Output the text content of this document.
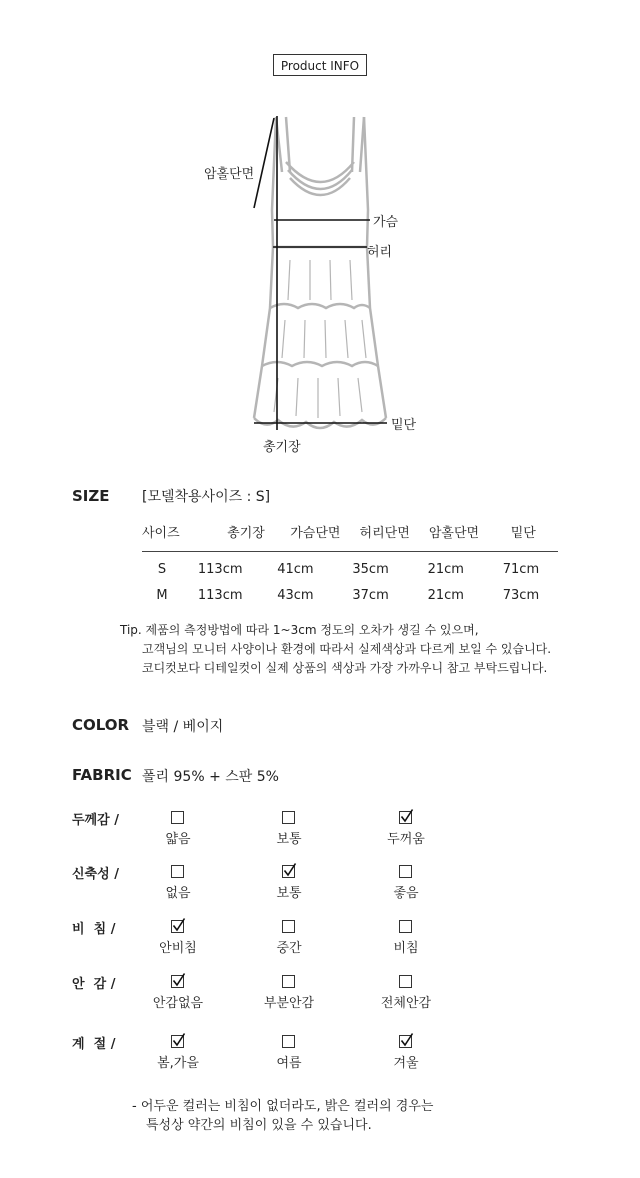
Product INFO
암홀단면
가슴
허리
밑단
총기장
SIZE [모델착용사이즈 : S]
사이즈	총기장	가슴단면	허리단면	암홀단면	밑단
S	113cm	41cm	35cm	21cm	71cm
M	113cm	43cm	37cm	21cm	73cm
Tip. 제품의 측정방법에 따라 1~3cm 정도의 오차가 생길 수 있으며,
고객님의 모니터 사양이나 환경에 따라서 실제색상과 다르게 보일 수 있습니다.
코디컷보다 디테일컷이 실제 상품의 색상과 가장 가까우니 참고 부탁드립니다.
COLOR 블랙 / 베이지
FABRIC 폴리 95% + 스판 5%
두께감 /
얇음	보통	두꺼움
신축성 /
없음	보통	좋음
비  침 /
안비침	중간	비침
안  감 /
안감없음	부분안감	전체안감
계  절 /
봄,가을	여름	겨울
- 어두운 컬러는 비침이 없더라도, 밝은 컬러의 경우는
특성상 약간의 비침이 있을 수 있습니다.
